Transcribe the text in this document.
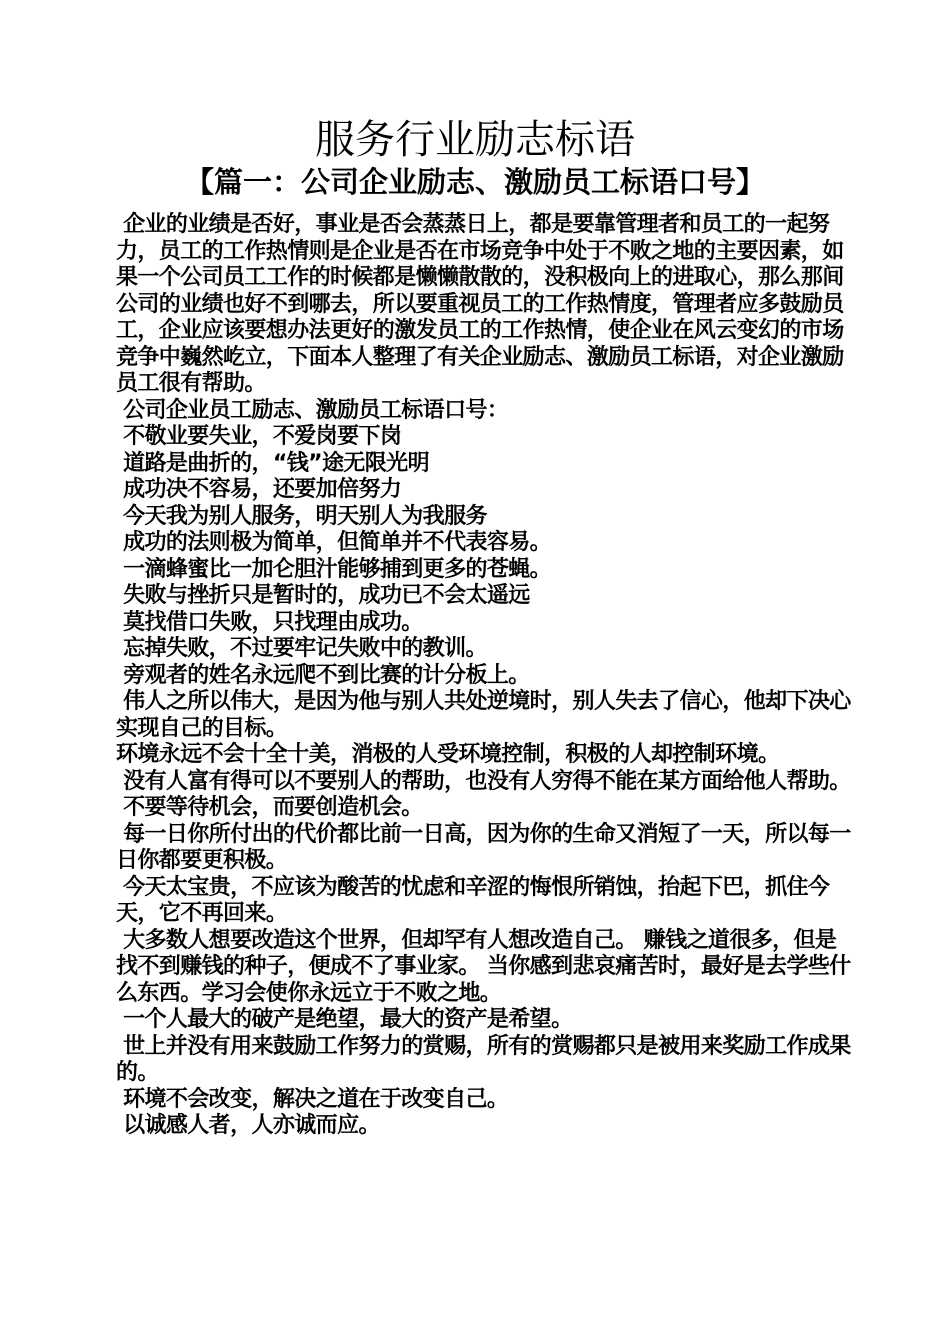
服务行业励志标语
【篇一：公司企业励志、激励员工标语口号】

企业的业绩是否好，事业是否会蒸蒸日上，都是要靠管理者和员工的一起努力，员工的工作热情则是企业是否在市场竞争中处于不败之地的主要因素，如果一个公司员工工作的时候都是懒懒散散的，没积极向上的进取心，那么那间公司的业绩也好不到哪去，所以要重视员工的工作热情度，管理者应多鼓励员工，企业应该要想办法更好的激发员工的工作热情，使企业在风云变幻的市场竞争中巍然屹立，下面本人整理了有关企业励志、激励员工标语，对企业激励员工很有帮助。

公司企业员工励志、激励员工标语口号：

不敬业要失业，不爱岗要下岗

道路是曲折的，“钱”途无限光明

成功决不容易，还要加倍努力

今天我为别人服务，明天别人为我服务

成功的法则极为简单，但简单并不代表容易。

一滴蜂蜜比一加仑胆汁能够捕到更多的苍蝇。

失败与挫折只是暂时的，成功已不会太遥远

莫找借口失败，只找理由成功。

忘掉失败，不过要牢记失败中的教训。

旁观者的姓名永远爬不到比赛的计分板上。

伟人之所以伟大，是因为他与别人共处逆境时，别人失去了信心，他却下决心实现自己的目标。

环境永远不会十全十美，消极的人受环境控制，积极的人却控制环境。

没有人富有得可以不要别人的帮助，也没有人穷得不能在某方面给他人帮助。

不要等待机会，而要创造机会。

每一日你所付出的代价都比前一日高，因为你的生命又消短了一天，所以每一日你都要更积极。

今天太宝贵，不应该为酸苦的忧虑和辛涩的悔恨所销蚀，抬起下巴，抓住今天，它不再回来。

大多数人想要改造这个世界，但却罕有人想改造自己。 赚钱之道很多，但是找不到赚钱的种子，便成不了事业家。 当你感到悲哀痛苦时，最好是去学些什么东西。学习会使你永远立于不败之地。

一个人最大的破产是绝望，最大的资产是希望。

世上并没有用来鼓励工作努力的赏赐，所有的赏赐都只是被用来奖励工作成果的。

环境不会改变，解决之道在于改变自己。

以诚感人者，人亦诚而应。
